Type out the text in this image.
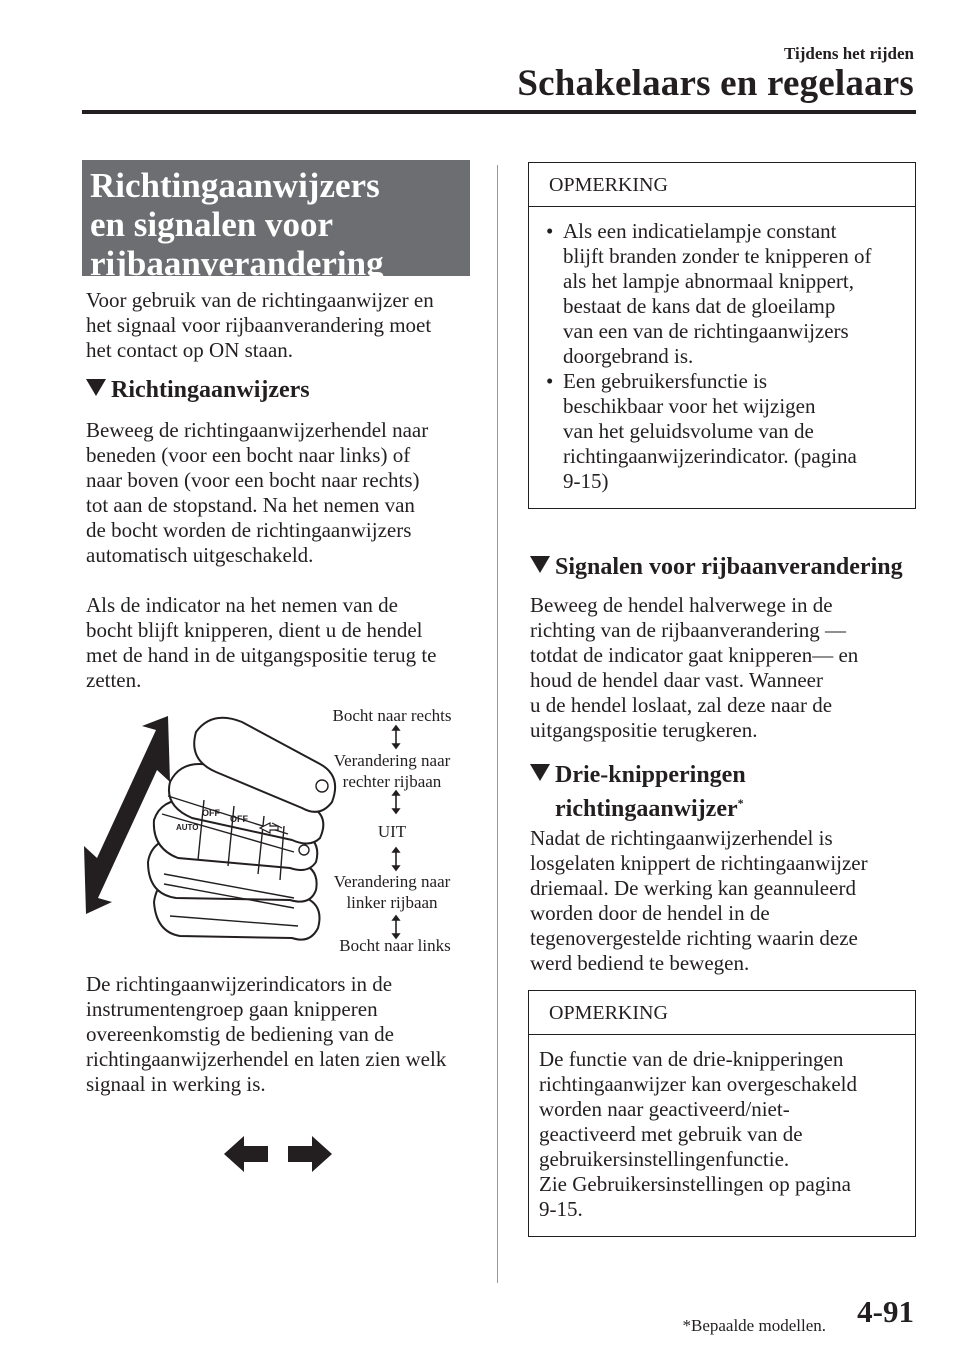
Tijdens het rijden
Schakelaars en regelaars
Richtingaanwijzers
en signalen voor
rijbaanverandering
Voor gebruik van de richtingaanwijzer en
het signaal voor rijbaanverandering moet
het contact op ON staan.
Richtingaanwijzers
Beweeg de richtingaanwijzerhendel naar
beneden (voor een bocht naar links) of
naar boven (voor een bocht naar rechts)
tot aan de stopstand. Na het nemen van
de bocht worden de richtingaanwijzers
automatisch uitgeschakeld.
Als de indicator na het nemen van de
bocht blijft knipperen, dient u de hendel
met de hand in de uitgangspositie terug te
zetten.
OFF
OFF
AUTO
Bocht naar rechts
Verandering naar
rechter rijbaan
UIT
Verandering naar
linker rijbaan
Bocht naar links
De richtingaanwijzerindicators in de
instrumentengroep gaan knipperen
overeenkomstig de bediening van de
richtingaanwijzerhendel en laten zien welk
signaal in werking is.
OPMERKING
• Als een indicatielampje constant
blijft branden zonder te knipperen of
als het lampje abnormaal knippert,
bestaat de kans dat de gloeilamp
van een van de richtingaanwijzers
doorgebrand is.
• Een gebruikersfunctie is
beschikbaar voor het wijzigen
van het geluidsvolume van de
richtingaanwijzerindicator. (pagina
9-15)
Signalen voor rijbaanverandering
Beweeg de hendel halverwege in de
richting van de rijbaanverandering —
totdat de indicator gaat knipperen— en
houd de hendel daar vast. Wanneer
u de hendel loslaat, zal deze naar de
uitgangspositie terugkeren.
Drie-knipperingen
richtingaanwijzer*
Nadat de richtingaanwijzerhendel is
losgelaten knippert de richtingaanwijzer
driemaal. De werking kan geannuleerd
worden door de hendel in de
tegenovergestelde richting waarin deze
werd bediend te bewegen.
OPMERKING
De functie van de drie-knipperingen
richtingaanwijzer kan overgeschakeld
worden naar geactiveerd/niet-
geactiveerd met gebruik van de
gebruikersinstellingenfunctie.
Zie Gebruikersinstellingen op pagina
9-15.
*Bepaalde modellen. 4-91
